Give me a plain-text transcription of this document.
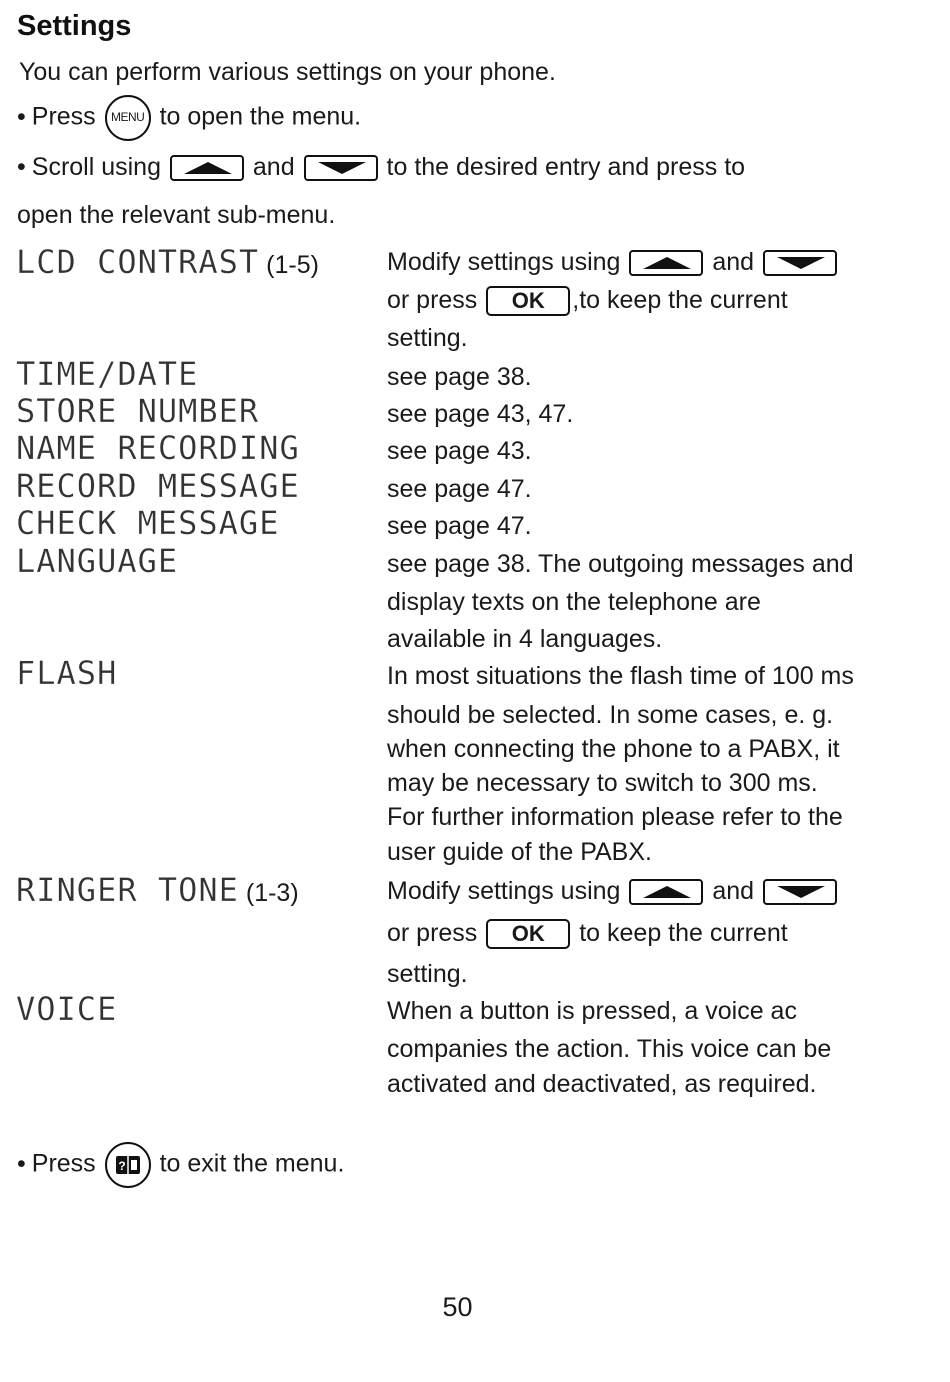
Settings
You can perform various settings on your phone.
• Press	MENU to open the menu.
• Scroll using	and	to the desired entry and press to
open the relevant sub-menu.
LCD CONTRAST (1-5)	Modify settings using	and
or press OK ,to keep the current
setting.
TIME/DATE	see page 38.
STORE NUMBER	see page 43, 47.
NAME RECORDING	see page 43.
RECORD MESSAGE	see page 47.
CHECK MESSAGE	see page 47.
LANGUAGE	see page 38. The outgoing messages and
display texts on the telephone are
available in 4 languages.
FLASH	In most situations the flash time of 100 ms
should be selected. In some cases, e. g.
when connecting the phone to a PABX, it
may be necessary to switch to 300 ms.
For further information please refer to the
user guide of the PABX.
RINGER TONE (1-3)	Modify settings using	and
or press OK to keep the current
setting.
VOICE	When a button is pressed, a voice ac
companies the action. This voice can be
activated and deactivated, as required.
• Press ? to exit the menu.
50
